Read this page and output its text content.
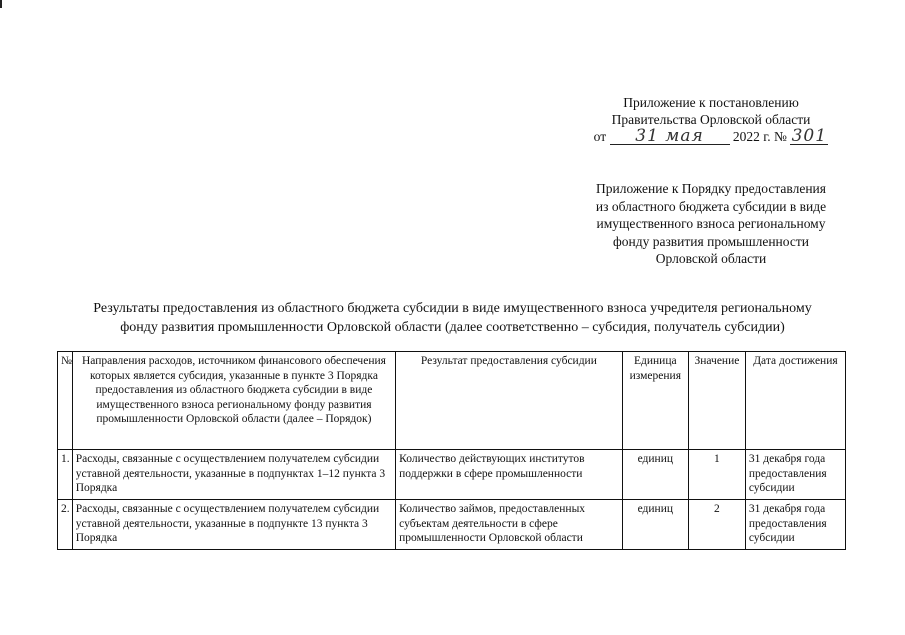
Приложение к постановлению
Правительства Орловской области
от 31 мая 2022 г. № 301
Приложение к Порядку предоставления
из областного бюджета субсидии в виде
имущественного взноса региональному
фонду развития промышленности
Орловской области
Результаты предоставления из областного бюджета субсидии в виде имущественного взноса учредителя региональному
фонду развития промышленности Орловской области (далее соответственно – субсидия, получатель субсидии)
№	Направления расходов, источником финансового обеспечения которых является субсидия, указанные в пункте 3 Порядка предоставления из областного бюджета субсидии в виде имущественного взноса региональному фонду развития промышленности Орловской области (далее – Порядок)	Результат предоставления субсидии	Единица измерения	Значение	Дата достижения
1.	Расходы, связанные с осуществлением получателем субсидии уставной деятельности, указанные в подпунктах 1–12 пункта 3 Порядка	Количество действующих институтов поддержки в сфере промышленности	единиц	1	31 декабря года предоставления субсидии
2.	Расходы, связанные с осуществлением получателем субсидии уставной деятельности, указанные в подпункте 13 пункта 3 Порядка	Количество займов, предоставленных субъектам деятельности в сфере промышленности Орловской области	единиц	2	31 декабря года предоставления субсидии
